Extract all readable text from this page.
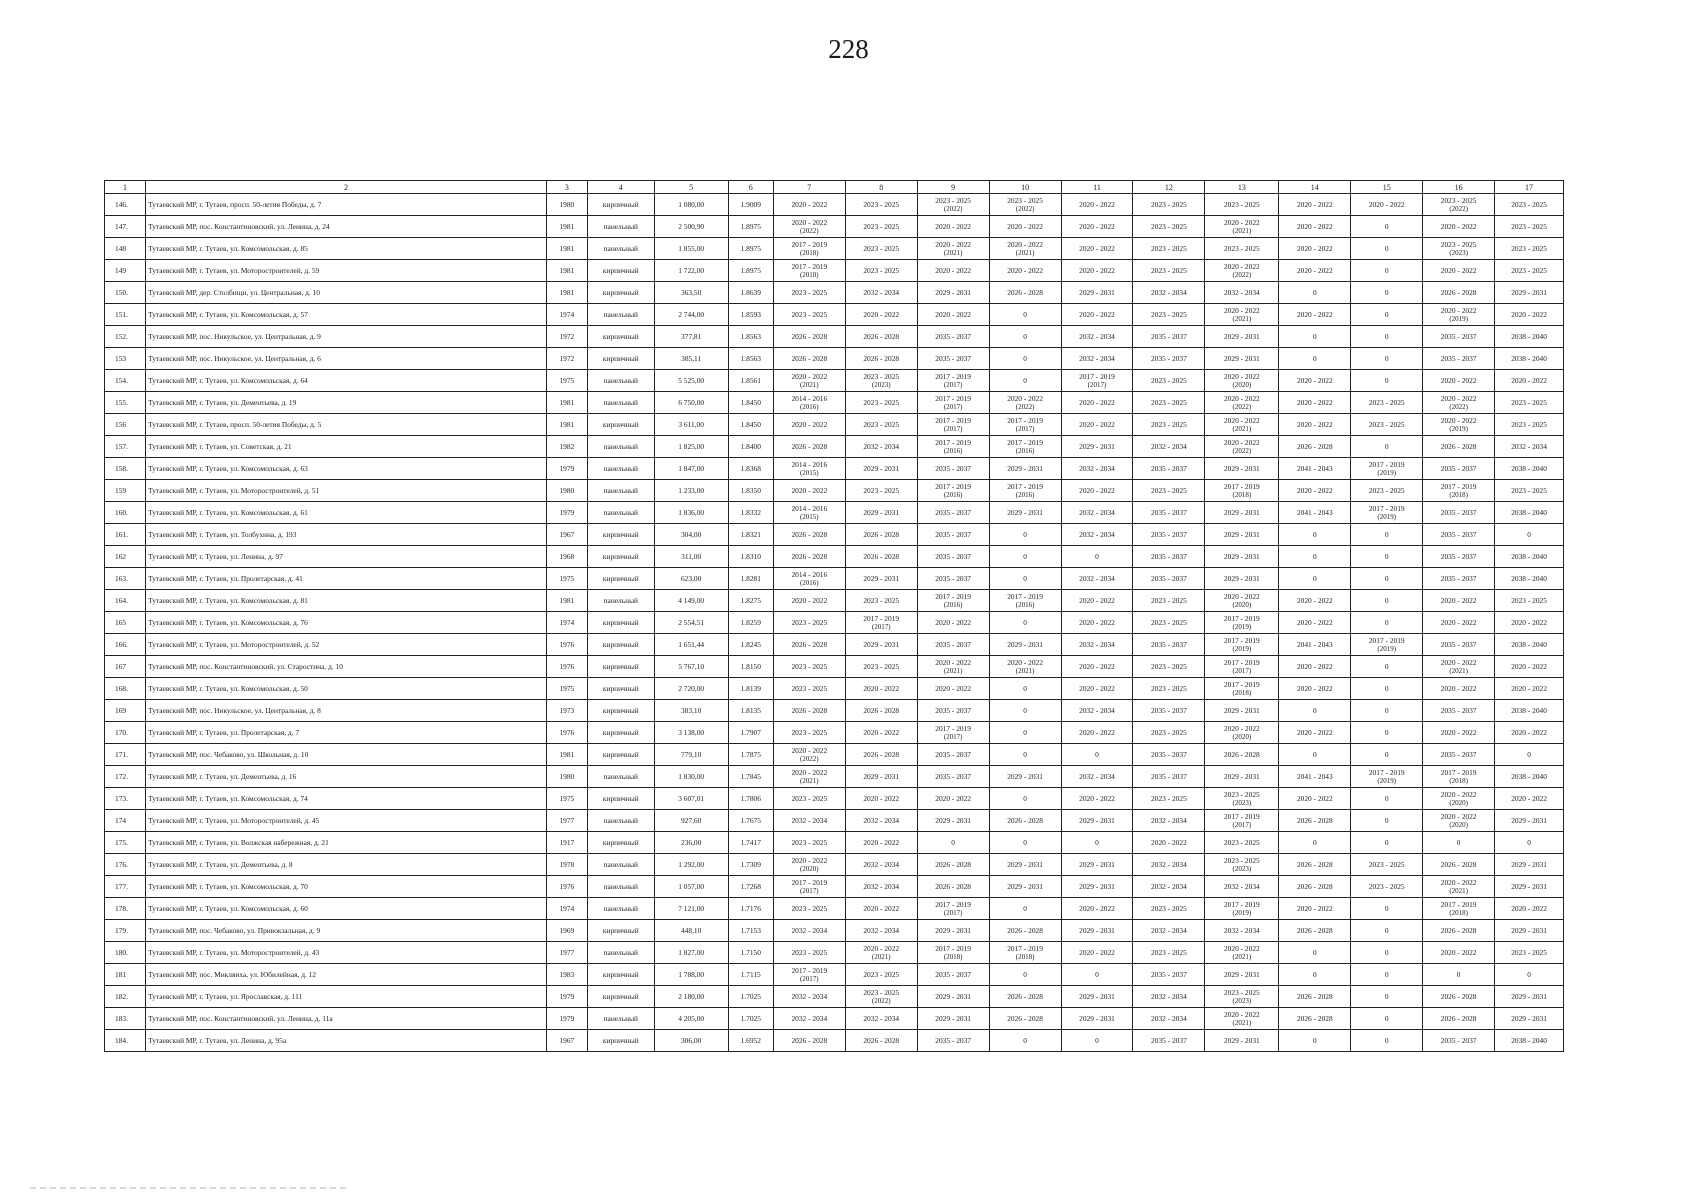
228
1	2	3	4	5	6	7	8	9	10	11	12	13	14	15	16	17
146.	Тутаевский МР, г. Тутаев, просп. 50-летия Победы, д. 7	1980	кирпичный	1 080,00	1.9009	2020 - 2022	2023 - 2025	2023 - 2025
(2022)	2023 - 2025
(2022)	2020 - 2022	2023 - 2025	2023 - 2025	2020 - 2022	2020 - 2022	2023 - 2025
(2022)	2023 - 2025
147.	Тутаевский МР, пос. Константиновский, ул. Ленина, д. 24	1981	панельный	2 500,90	1.8975	2020 - 2022
(2022)	2023 - 2025	2020 - 2022	2020 - 2022	2020 - 2022	2023 - 2025	2020 - 2022
(2021)	2020 - 2022	0	2020 - 2022	2023 - 2025
148	Тутаевский МР, г. Тутаев, ул. Комсомольская, д. 85	1981	панельный	1 855,00	1.8975	2017 - 2019
(2018)	2023 - 2025	2020 - 2022
(2021)	2020 - 2022
(2021)	2020 - 2022	2023 - 2025	2023 - 2025	2020 - 2022	0	2023 - 2025
(2023)	2023 - 2025
149	Тутаевский МР, г. Тутаев, ул. Моторостроителей, д. 59	1981	кирпичный	1 722,00	1.8975	2017 - 2019
(2018)	2023 - 2025	2020 - 2022	2020 - 2022	2020 - 2022	2023 - 2025	2020 - 2022
(2022)	2020 - 2022	0	2020 - 2022	2023 - 2025
150.	Тутаевский МР, дер. Столбищи, ул. Центральная, д. 10	1981	кирпичный	363,50	1.8639	2023 - 2025	2032 - 2034	2029 - 2031	2026 - 2028	2029 - 2031	2032 - 2034	2032 - 2034	0	0	2026 - 2028	2029 - 2031
151.	Тутаевский МР, г. Тутаев, ул. Комсомольская, д. 57	1974	панельный	2 744,00	1.8593	2023 - 2025	2020 - 2022	2020 - 2022	0	2020 - 2022	2023 - 2025	2020 - 2022
(2021)	2020 - 2022	0	2020 - 2022
(2019)	2020 - 2022
152.	Тутаевский МР, пос. Никульское, ул. Центральная, д. 9	1972	кирпичный	377,81	1.8563	2026 - 2028	2026 - 2028	2035 - 2037	0	2032 - 2034	2035 - 2037	2029 - 2031	0	0	2035 - 2037	2038 - 2040
153	Тутаевский МР, пос. Никульское, ул. Центральная, д. 6	1972	кирпичный	385,11	1.8563	2026 - 2028	2026 - 2028	2035 - 2037	0	2032 - 2034	2035 - 2037	2029 - 2031	0	0	2035 - 2037	2038 - 2040
154.	Тутаевский МР, г. Тутаев, ул. Комсомольская, д. 64	1975	панельный	5 525,00	1.8561	2020 - 2022
(2021)	2023 - 2025
(2023)	2017 - 2019
(2017)	0	2017 - 2019
(2017)	2023 - 2025	2020 - 2022
(2020)	2020 - 2022	0	2020 - 2022	2020 - 2022
155.	Тутаевский МР, г. Тутаев, ул. Дементьева, д. 19	1981	панельный	6 750,00	1.8450	2014 - 2016
(2016)	2023 - 2025	2017 - 2019
(2017)	2020 - 2022
(2022)	2020 - 2022	2023 - 2025	2020 - 2022
(2022)	2020 - 2022	2023 - 2025	2020 - 2022
(2022)	2023 - 2025
156	Тутаевский МР, г. Тутаев, просп. 50-летия Победы, д. 5	1981	кирпичный	3 611,00	1.8450	2020 - 2022	2023 - 2025	2017 - 2019
(2017)	2017 - 2019
(2017)	2020 - 2022	2023 - 2025	2020 - 2022
(2021)	2020 - 2022	2023 - 2025	2020 - 2022
(2019)	2023 - 2025
157.	Тутаевский МР, г. Тутаев, ул. Советская, д. 21	1982	панельный	1 825,00	1.8400	2026 - 2028	2032 - 2034	2017 - 2019
(2016)	2017 - 2019
(2016)	2029 - 2031	2032 - 2034	2020 - 2022
(2022)	2026 - 2028	0	2026 - 2028	2032 - 2034
158.	Тутаевский МР, г. Тутаев, ул. Комсомольская, д. 63	1979	панельный	1 847,00	1.8368	2014 - 2016
(2015)	2029 - 2031	2035 - 2037	2029 - 2031	2032 - 2034	2035 - 2037	2029 - 2031	2041 - 2043	2017 - 2019
(2019)	2035 - 2037	2038 - 2040
159	Тутаевский МР, г. Тутаев, ул. Моторостроителей, д. 51	1980	панельный	1 233,00	1.8350	2020 - 2022	2023 - 2025	2017 - 2019
(2016)	2017 - 2019
(2016)	2020 - 2022	2023 - 2025	2017 - 2019
(2018)	2020 - 2022	2023 - 2025	2017 - 2019
(2018)	2023 - 2025
160.	Тутаевский МР, г. Тутаев, ул. Комсомольская, д. 61	1979	панельный	1 836,00	1.8332	2014 - 2016
(2015)	2029 - 2031	2035 - 2037	2029 - 2031	2032 - 2034	2035 - 2037	2029 - 2031	2041 - 2043	2017 - 2019
(2019)	2035 - 2037	2038 - 2040
161.	Тутаевский МР, г. Тутаев, ул. Толбухина, д. 193	1967	кирпичный	304,00	1.8321	2026 - 2028	2026 - 2028	2035 - 2037	0	2032 - 2034	2035 - 2037	2029 - 2031	0	0	2035 - 2037	0
162	Тутаевский МР, г. Тутаев, ул. Ленина, д. 97	1968	кирпичный	311,00	1.8310	2026 - 2028	2026 - 2028	2035 - 2037	0	0	2035 - 2037	2029 - 2031	0	0	2035 - 2037	2038 - 2040
163.	Тутаевский МР, г. Тутаев, ул. Пролетарская, д. 41	1975	кирпичный	623,00	1.8281	2014 - 2016
(2016)	2029 - 2031	2035 - 2037	0	2032 - 2034	2035 - 2037	2029 - 2031	0	0	2035 - 2037	2038 - 2040
164.	Тутаевский МР, г. Тутаев, ул. Комсомольская, д. 81	1981	панельный	4 149,00	1.8275	2020 - 2022	2023 - 2025	2017 - 2019
(2016)	2017 - 2019
(2016)	2020 - 2022	2023 - 2025	2020 - 2022
(2020)	2020 - 2022	0	2020 - 2022	2023 - 2025
165	Тутаевский МР, г. Тутаев, ул. Комсомольская, д. 76	1974	кирпичный	2 554,51	1.8259	2023 - 2025	2017 - 2019
(2017)	2020 - 2022	0	2020 - 2022	2023 - 2025	2017 - 2019
(2019)	2020 - 2022	0	2020 - 2022	2020 - 2022
166.	Тутаевский МР, г. Тутаев, ул. Моторостроителей, д. 52	1976	кирпичный	1 651,44	1.8245	2026 - 2028	2029 - 2031	2035 - 2037	2029 - 2031	2032 - 2034	2035 - 2037	2017 - 2019
(2019)	2041 - 2043	2017 - 2019
(2019)	2035 - 2037	2038 - 2040
167	Тутаевский МР, пос. Константиновский, ул. Старостина, д. 10	1976	кирпичный	5 767,10	1.8150	2023 - 2025	2023 - 2025	2020 - 2022
(2021)	2020 - 2022
(2021)	2020 - 2022	2023 - 2025	2017 - 2019
(2017)	2020 - 2022	0	2020 - 2022
(2021)	2020 - 2022
168.	Тутаевский МР, г. Тутаев, ул. Комсомольская, д. 50	1975	кирпичный	2 720,00	1.8139	2023 - 2025	2020 - 2022	2020 - 2022	0	2020 - 2022	2023 - 2025	2017 - 2019
(2018)	2020 - 2022	0	2020 - 2022	2020 - 2022
169	Тутаевский МР, пос. Никульское, ул. Центральная, д. 8	1973	кирпичный	383,10	1.8135	2026 - 2028	2026 - 2028	2035 - 2037	0	2032 - 2034	2035 - 2037	2029 - 2031	0	0	2035 - 2037	2038 - 2040
170.	Тутаевский МР, г. Тутаев, ул. Пролетарская, д. 7	1976	кирпичный	3 138,00	1.7907	2023 - 2025	2020 - 2022	2017 - 2019
(2017)	0	2020 - 2022	2023 - 2025	2020 - 2022
(2020)	2020 - 2022	0	2020 - 2022	2020 - 2022
171.	Тутаевский МР, пос. Чебаково, ул. Школьная, д. 10	1981	кирпичный	779,10	1.7875	2020 - 2022
(2022)	2026 - 2028	2035 - 2037	0	0	2035 - 2037	2026 - 2028	0	0	2035 - 2037	0
172.	Тутаевский МР, г. Тутаев, ул. Дементьева, д. 16	1980	панельный	1 830,00	1.7845	2020 - 2022
(2021)	2029 - 2031	2035 - 2037	2029 - 2031	2032 - 2034	2035 - 2037	2029 - 2031	2041 - 2043	2017 - 2019
(2019)	2017 - 2019
(2018)	2038 - 2040
173.	Тутаевский МР, г. Тутаев, ул. Комсомольская, д. 74	1975	кирпичный	3 607,01	1.7806	2023 - 2025	2020 - 2022	2020 - 2022	0	2020 - 2022	2023 - 2025	2023 - 2025
(2023)	2020 - 2022	0	2020 - 2022
(2020)	2020 - 2022
174	Тутаевский МР, г. Тутаев, ул. Моторостроителей, д. 45	1977	панельный	927,60	1.7675	2032 - 2034	2032 - 2034	2029 - 2031	2026 - 2028	2029 - 2031	2032 - 2034	2017 - 2019
(2017)	2026 - 2028	0	2020 - 2022
(2020)	2029 - 2031
175.	Тутаевский МР, г. Тутаев, ул. Волжская набережная, д. 21	1917	кирпичный	236,00	1.7417	2023 - 2025	2020 - 2022	0	0	0	2020 - 2022	2023 - 2025	0	0	0	0
176.	Тутаевский МР, г. Тутаев, ул. Дементьева, д. 8	1978	панельный	1 292,00	1.7309	2020 - 2022
(2020)	2032 - 2034	2026 - 2028	2029 - 2031	2029 - 2031	2032 - 2034	2023 - 2025
(2023)	2026 - 2028	2023 - 2025	2026 - 2028	2029 - 2031
177.	Тутаевский МР, г. Тутаев, ул. Комсомольская, д. 70	1976	панельный	1 057,00	1.7268	2017 - 2019
(2017)	2032 - 2034	2026 - 2028	2029 - 2031	2029 - 2031	2032 - 2034	2032 - 2034	2026 - 2028	2023 - 2025	2020 - 2022
(2021)	2029 - 2031
178.	Тутаевский МР, г. Тутаев, ул. Комсомольская, д. 60	1974	панельный	7 121,00	1.7176	2023 - 2025	2020 - 2022	2017 - 2019
(2017)	0	2020 - 2022	2023 - 2025	2017 - 2019
(2019)	2020 - 2022	0	2017 - 2019
(2018)	2020 - 2022
179.	Тутаевский МР, пос. Чебаково, ул. Привокзальная, д. 9	1969	кирпичный	448,10	1.7153	2032 - 2034	2032 - 2034	2029 - 2031	2026 - 2028	2029 - 2031	2032 - 2034	2032 - 2034	2026 - 2028	0	2026 - 2028	2029 - 2031
180.	Тутаевский МР, г. Тутаев, ул. Моторостроителей, д. 43	1977	панельный	1 827,00	1.7150	2023 - 2025	2020 - 2022
(2021)	2017 - 2019
(2018)	2017 - 2019
(2018)	2020 - 2022	2023 - 2025	2020 - 2022
(2021)	0	0	2020 - 2022	2023 - 2025
181	Тутаевский МР, пос. Микляиха, ул. Юбилейная, д. 12	1983	кирпичный	1 788,00	1.7115	2017 - 2019
(2017)	2023 - 2025	2035 - 2037	0	0	2035 - 2037	2029 - 2031	0	0	0	0
182.	Тутаевский МР, г. Тутаев, ул. Ярославская, д. 111	1979	кирпичный	2 180,00	1.7025	2032 - 2034	2023 - 2025
(2022)	2029 - 2031	2026 - 2028	2029 - 2031	2032 - 2034	2023 - 2025
(2023)	2026 - 2028	0	2026 - 2028	2029 - 2031
183.	Тутаевский МР, пос. Константиновский, ул. Ленина, д. 11а	1979	панельный	4 205,00	1.7025	2032 - 2034	2032 - 2034	2029 - 2031	2026 - 2028	2029 - 2031	2032 - 2034	2020 - 2022
(2021)	2026 - 2028	0	2026 - 2028	2029 - 2031
184.	Тутаевский МР, г. Тутаев, ул. Ленина, д. 95а	1967	кирпичный	306,00	1.6952	2026 - 2028	2026 - 2028	2035 - 2037	0	0	2035 - 2037	2029 - 2031	0	0	2035 - 2037	2038 - 2040
